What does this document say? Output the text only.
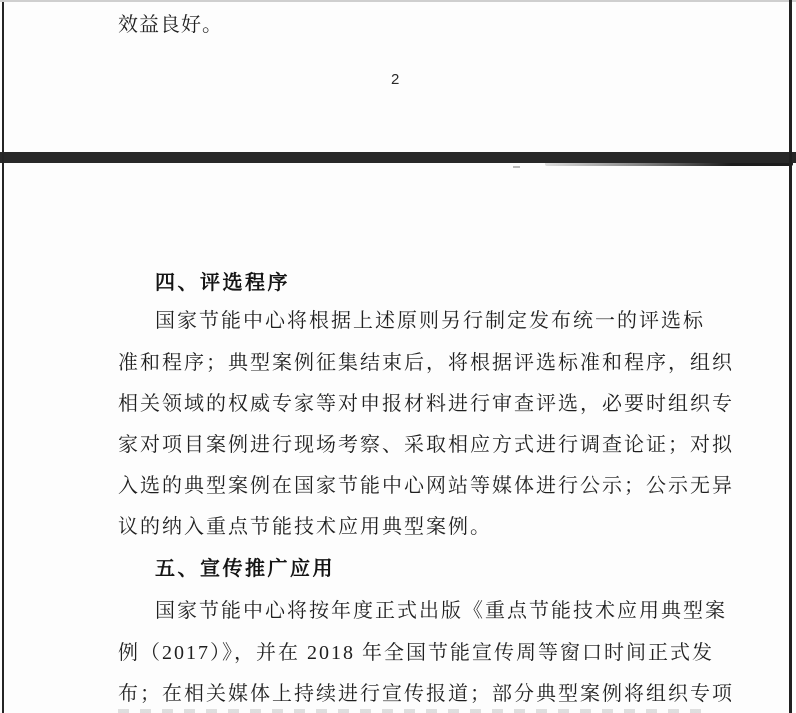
效益良好。
2
四、评选程序
国家节能中心将根据上述原则另行制定发布统一的评选标
准和程序；典型案例征集结束后，将根据评选标准和程序，组织
相关领域的权威专家等对申报材料进行审查评选，必要时组织专
家对项目案例进行现场考察、采取相应方式进行调查论证；对拟
入选的典型案例在国家节能中心网站等媒体进行公示；公示无异
议的纳入重点节能技术应用典型案例。
五、宣传推广应用
国家节能中心将按年度正式出版《重点节能技术应用典型案
例（2017）》，并在 2018 年全国节能宣传周等窗口时间正式发
布；在相关媒体上持续进行宣传报道；部分典型案例将组织专项
